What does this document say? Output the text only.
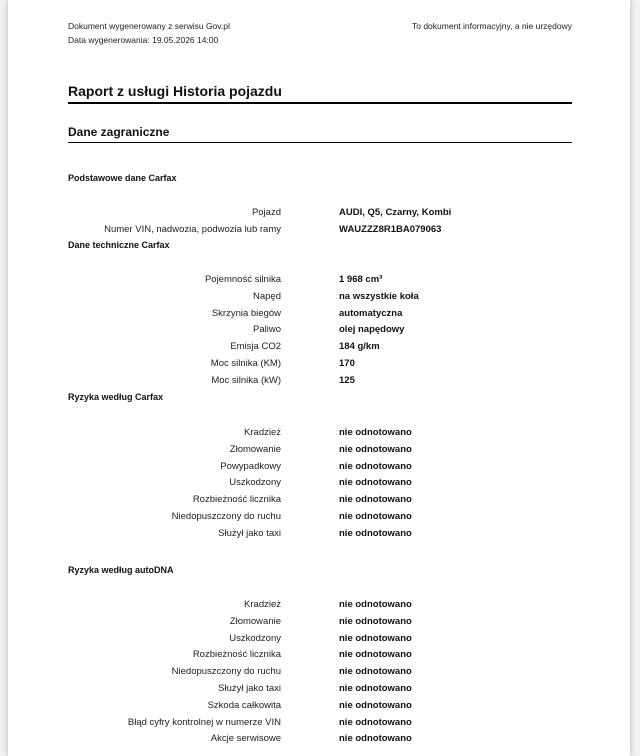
Dokument wygenerowany z serwisu Gov.pl
Data wygenerowania: 19.05.2026 14:00
To dokument informacyjny, a nie urzędowy
Raport z usługi Historia pojazdu
Dane zagraniczne
Podstawowe dane Carfax
Pojazd	AUDI, Q5, Czarny, Kombi
Numer VIN, nadwozia, podwozia lub ramy	WAUZZZ8R1BA079063
Dane techniczne Carfax
Pojemność silnika	1 968 cm³
Napęd	na wszystkie koła
Skrzynia biegów	automatyczna
Paliwo	olej napędowy
Emisja CO2	184 g/km
Moc silnika (KM)	170
Moc silnika (kW)	125
Ryzyka według Carfax
Kradzież	nie odnotowano
Złomowanie	nie odnotowano
Powypadkowy	nie odnotowano
Uszkodzony	nie odnotowano
Rozbieżność licznika	nie odnotowano
Niedopuszczony do ruchu	nie odnotowano
Służył jako taxi	nie odnotowano
Ryzyka według autoDNA
Kradzież	nie odnotowano
Złomowanie	nie odnotowano
Uszkodzony	nie odnotowano
Rozbieżność licznika	nie odnotowano
Niedopuszczony do ruchu	nie odnotowano
Służył jako taxi	nie odnotowano
Szkoda całkowita	nie odnotowano
Błąd cyfry kontrolnej w numerze VIN	nie odnotowano
Akcje serwisowe	nie odnotowano
